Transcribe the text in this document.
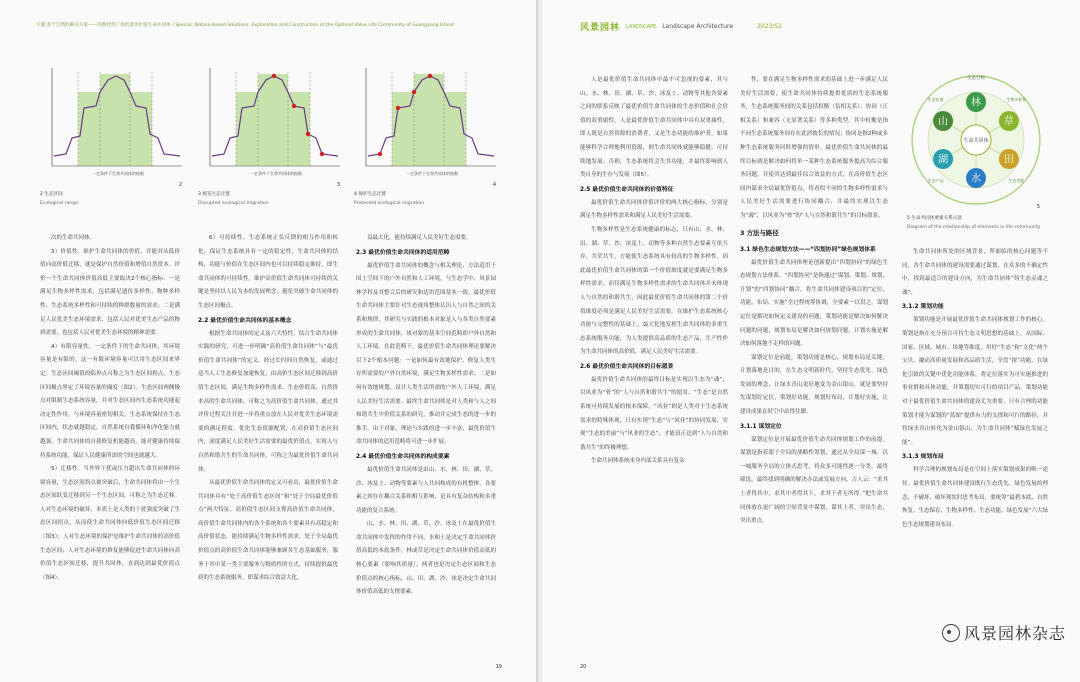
专题 基于自然的解决方案——郎教授优广场低最优价值生命共同体 / Special: Nature-based Solutions: Exploration and Construction of the Optimal Value Life Community of Guangyang Island
一定条件下生命共同体的指数
2
一定条件下生命共同体的指数
3
一定条件下生命共同体的指数
4
2 生态区间
Ecological range
3 被迫生态迁徙
Disrupted ecological migration
4 保护生态迁徙
Protected ecological migration

次的生命共同体。

3）价值性。维护生命共同体的价值，并能其从低价值向高价值迁移，就是保护自然价值和增值自然资本。评价一个生命共同体价值高低主要取决2个核心指标：一是满足生物多样性需求，包括满足遗传多样性、物种多样性、生态系统多样性和可持续的种群数量的需求；二是满足人民优美生态环境需求，包括人民对优美生态产品的物质需要，也包括人民对优美生态环境的精神需要。

4）有限容量性。一定条件下的生命共同体，其环境容量是有限的，这一有限环境容量可以用生态区间来界定。生态区间阈值的临界点可称之为生态区间拐点。生态区间极点界定了环境容量的阈度（图2）。生态区间两侧极点对限制生态系统容量，并对生态区间内生态系统功能起决定性作用，与环境容量密切相关。生态系统保持在生态区间内，状态就越稳定，自然系统自我循环和净化能力就越强，生命共同体的自我修复机能越高，能对健康持续保持系统功能，保证人民健康所需的空间也就越大。

5）迁移性。当外界干扰或压力超出生命共同体的环境容量，生态区间拐点被突破后，生命共同体将由一个生态区间跃变迁移到另一个生态区间，可称之为生态迁移。人对生态环境的破坏，本质上是人类的干扰强度突破了生态区间拐点，从而使生命共同体向低价值生态区间迁移（图3）；人对生态环境的保护是维护生命共同体的高价值生态区间；人对生态环境的修复能够促进生命共同体向高价值生态区间迁移，提升共同体，直到达到最优价值点（图4）。

6）可持续性。生态系统正负反馈的相互作用和转化，保证生态系统具有一定的稳定性，生命共同体的结构、功能与价值在生态区间内也可以持续稳定维持，即生命共同体的可持续性。维护高价值生命共同体可持续的关键是坚持以人民为本的发展理念，避免突破生命共同体的生态区间极点。

2.2 最优价值生命共同体的基本概念

根据生命共同体的定义及六大特性，结合生命共同体实践的研究，可进一步明确“高价值生命共同体”与“最优价值生命共同体”的定义。经过长时间自然恢复，或通过适当人工生态修复加速恢复，由高价生态区间迁移到高价值生态区间，满足生物多样性需求、生态价值高、自然资本高的生命共同体，可称之为高价值生命共同体。通过其评价过程关注并进一步将重点放在人民对优美生态环境需要的满足程度，优化生态资源配置，在高价值生态区间内，深度满足人民美好生活需要的最优价值点，实现人与自然和谐共生的生命共同体，可称之为最优价值生命共同体。

从最优价值生命共同体的定义可看出，最优价值生命共同体具有“处于高价值生态区间”和“处于全局最优价值点”两大特征。高价值生态区间支撑高价值生命共同体，高价值生命共同体内的各个系统和各个要素具有高稳定和高价值状态，能持续满足生物多样性需求。处于全局最优价值点的高价值生命共同体能够兼顾各生态基础服务，服务于其中某一类主要服务与物质性的方式，持续提供最优质的生态系统服务，即谋求综合效益大化。

益最大化，能持续满足人民美好生态需要。

2.3 最优价值生命共同体的适用范畴

最优价值生命共同体的概念与相关理论、方法适用于国土空间下的户外自然和人工环境，与生态学中、风景园林学科及其整合后的研究和适用范围基本一致。最优价值生命共同体主要针对生态视角整体认识人与自然之间的关系和规律，其研究与实践的根本对象是人与各类自然要素形成的生命共同体，该对象的基本空间范畴即户外自然和人工环境。在此范畴下，最优价值生命共同体理论要解决以下2个根本问题：一是如何最有效地保护、修复人类生存所需要的户外自然环境，满足生物多样性需求；二是如何有效地规划、设计人类生活所需的户外人工环境，满足人民美好生活需要。最终生命共同体是对人类和与人之间和谐共生中价值关系的研究，推动并完成生态的进一步的推手。由于对象、理论与实践的进一步丰富，最优价值生命共同体的适用范畴将可进一步扩展。

2.4 最优价值生命共同体的构成要素

最优价值生命共同体是由山、水、林、田、湖、草、沙、冰及土、动物等要素与人共同构成的有机整体，各要素之间存在耦合关系和相互影响，是具有复杂结构和多重功能的复合系统。

山、水、林、田、湖、草、沙、冰及土在最优价值生命共同体中发挥的作用不同，水和土是决定生命共同体价值高低的本底条件，林或草是决定生命共同体价值高低的核心要素（影响其质量），两者也是决定生态区间和生态价值点的核心指标，山、田、湖、沙、冰是决定生命共同体价值高低的支撑要素。

19
风景园林 LANDSCAPE Landscape Architecture	2023/S2

人是最优价值生命共同体中最不可忽视的要素，其与山、水、林、田、湖、草、沙、冰及土、动物等其他各要素之间的联系反映了最优价值生命共同体的生态价值和社会价值的双重属性。人是最优价值生命共同体中具有双重属性，即人既是自然资源的消费者，又是生态功能的维护者。如果能够科学合理地利用资源，则生命共同体就能够稳健，可持续地发展；否则，生态系统将会失其功能，并最终影响到人类自身的生存与发展（图5）。

2.5 最优价值生命共同体的价值特征

最优价值生命共同体价值评价的两大核心指标，分别是满足生物多样性需求和满足人民美好生活需要。

生物多样性是生态系统健康的标志，只有山、水、林、田、湖、草、沙、冰及土、动物等多种自然生态要素互依互存，共荣共生，方能使生态系统具有较高的生物多样性。因此最优价值生命共同体的第一个价值维度就是要满足生物多样性需求。而仅满足生物多样性需求的生命共同体并未体现人与自然的和谐共生，因此最优价值生命共同体的第二个价值维度必须是满足人民美好生活需要。在维护生态系统核心功能与完整性的基础上，最大化地发挥生命共同体的多重生态系统服务功能，为人类提供高品质的生态产品，生产性作为生命共同体的高价值，满足人民美好生活需要。

2.6 最优价值生命共同体的目标愿景

最优价值生命共同体的最终目标是实现以生态为“魂”，以风业为“骨”的“人与自然和谐共生”的愿景。“生态”是自然系统可持续发展的根本保障，“风业”则是人类对于生态系统需求的特殊体现，只有实现“生态”与“风业”的协同发展，实现“生态的美丽”与“风业的生态”，才能真正达到“人与自然和谐共生”的终极理想。

生命共同体系统本身内部关系具有复杂

性，要在满足生物多样性需求的基础上进一步满足人民美好生活需要，使生命共同体持续提供优质的生态系统服务，生态系统服务间的关系包括权衡（负相关系）、协同（正相关系）和兼容（无显著关系）等多种类型。其中权衡是指不同生态系统服务间存在此消彼长的情况；协同是指2种或多种生态系统服务同时增强的情形。最优价值生命共同体的最终目标就是解决如何将单一某种生态系统服务提高为综合服务问题，并使其达到最佳综合效益的方式，在高价值生态区间内谋求全局最优价值点，将看似不同的生物多样性需求与人民美好生活需要进行协同耦合，并最终实现以生态为“魂”，以风业为“骨”的“人与自然和谐共生”的目标愿景。

3 方法与路径
3.1 绿色生态规划方法——“四划协同”绿色规划体系

最优价值生命共同体理论创新提出“四划协同”的绿色生态规划方法体系。“四划协同”是指通过“谋划、策划、规划、计划”的“四划协同”耦合，将生命共同体建设项目的“定位、功能、布局、实施”全过程统筹协调，全要素一以贯之。谋划定位是解决如何定义建设的问题，策划功能是解决如何解决问题的问题，规划布局是解决如何规划问题，计划实施是解决如何落地不走样的问题。

谋划定位是前提，策划功能是核心，规划布局是关键，计划落地是目的，在生态文明新时代，坚持生态优先、绿色发展的理念，让绿水青山更好地变为金山银山，就是要坚持先谋划好定位，策划好功能，规划好布局，计划好实施，让建设成果在时空中站得住脚。

3.1.1 谋划定位

谋划定位是开展最优价值生命共同体规划工作的前提。谋划是指着眼于全局的战略性筹划，通过从全局谋一城、以一城服务全局的立体式思考，将众多可能性逐一分类，最终筛选。最终找到明确的解决办法或发展方向。古人云：“求其上者得其中，求其中者得其下，求其下者无所得。”把生命共同体放在更广阔的空间背景中谋划，谋其上者，突出生态，突出重点。

生命共同体所处的区域背景、所面临的核心问题等不同，各生命共同体的建设需要通过谋划，在众多的不确定性中，找到最适合的建设方向，为生命共同体“铸生态灵魂之魂”。

3.1.2 策划功能

策划功能是开展最优价值生命共同体规划工作的核心。策划是指在充分预合可持生态文明思想的基础上，从国际、国家、区域、城市、场地等维度，用好“生态”和“文化”两个宝贝，撬动高质量发展和高品质生活，全盘“探”功能、在绿化引致的关键中优化功能体系，将定位落实为可实施推进的事业群和具体功能，并策划切实可行的项目产品。策划功能对于最优价值生命共同体的建设尤为重要，只有合理的功能策划才能为谋划的“蓝图”提供有力的支撑和可行的路径，并将绿水青山转化为金山银山，为生命共同体“赋绿色发展之能”。

3.1.3 规划布局

科学合理的规划布局是在空间上落实策划成果的唯一途径。最优价值生命共同体建设既行生态优先、绿色发展的理念，不破坏、破坏现状时思考布局，要统筹“最碧本底、自然恢复、生态保育、生物多样性、生态功能、绿色发展”六大绿色生态规划建设布局。

生命共同体
生态目标
林
草
田
水
湖
山
生物多样性
生态功能
生态产品
生态价值
5
5 生命共同体要素关系示意
Diagram of the relationship of elements in life community
20
风景园林杂志
